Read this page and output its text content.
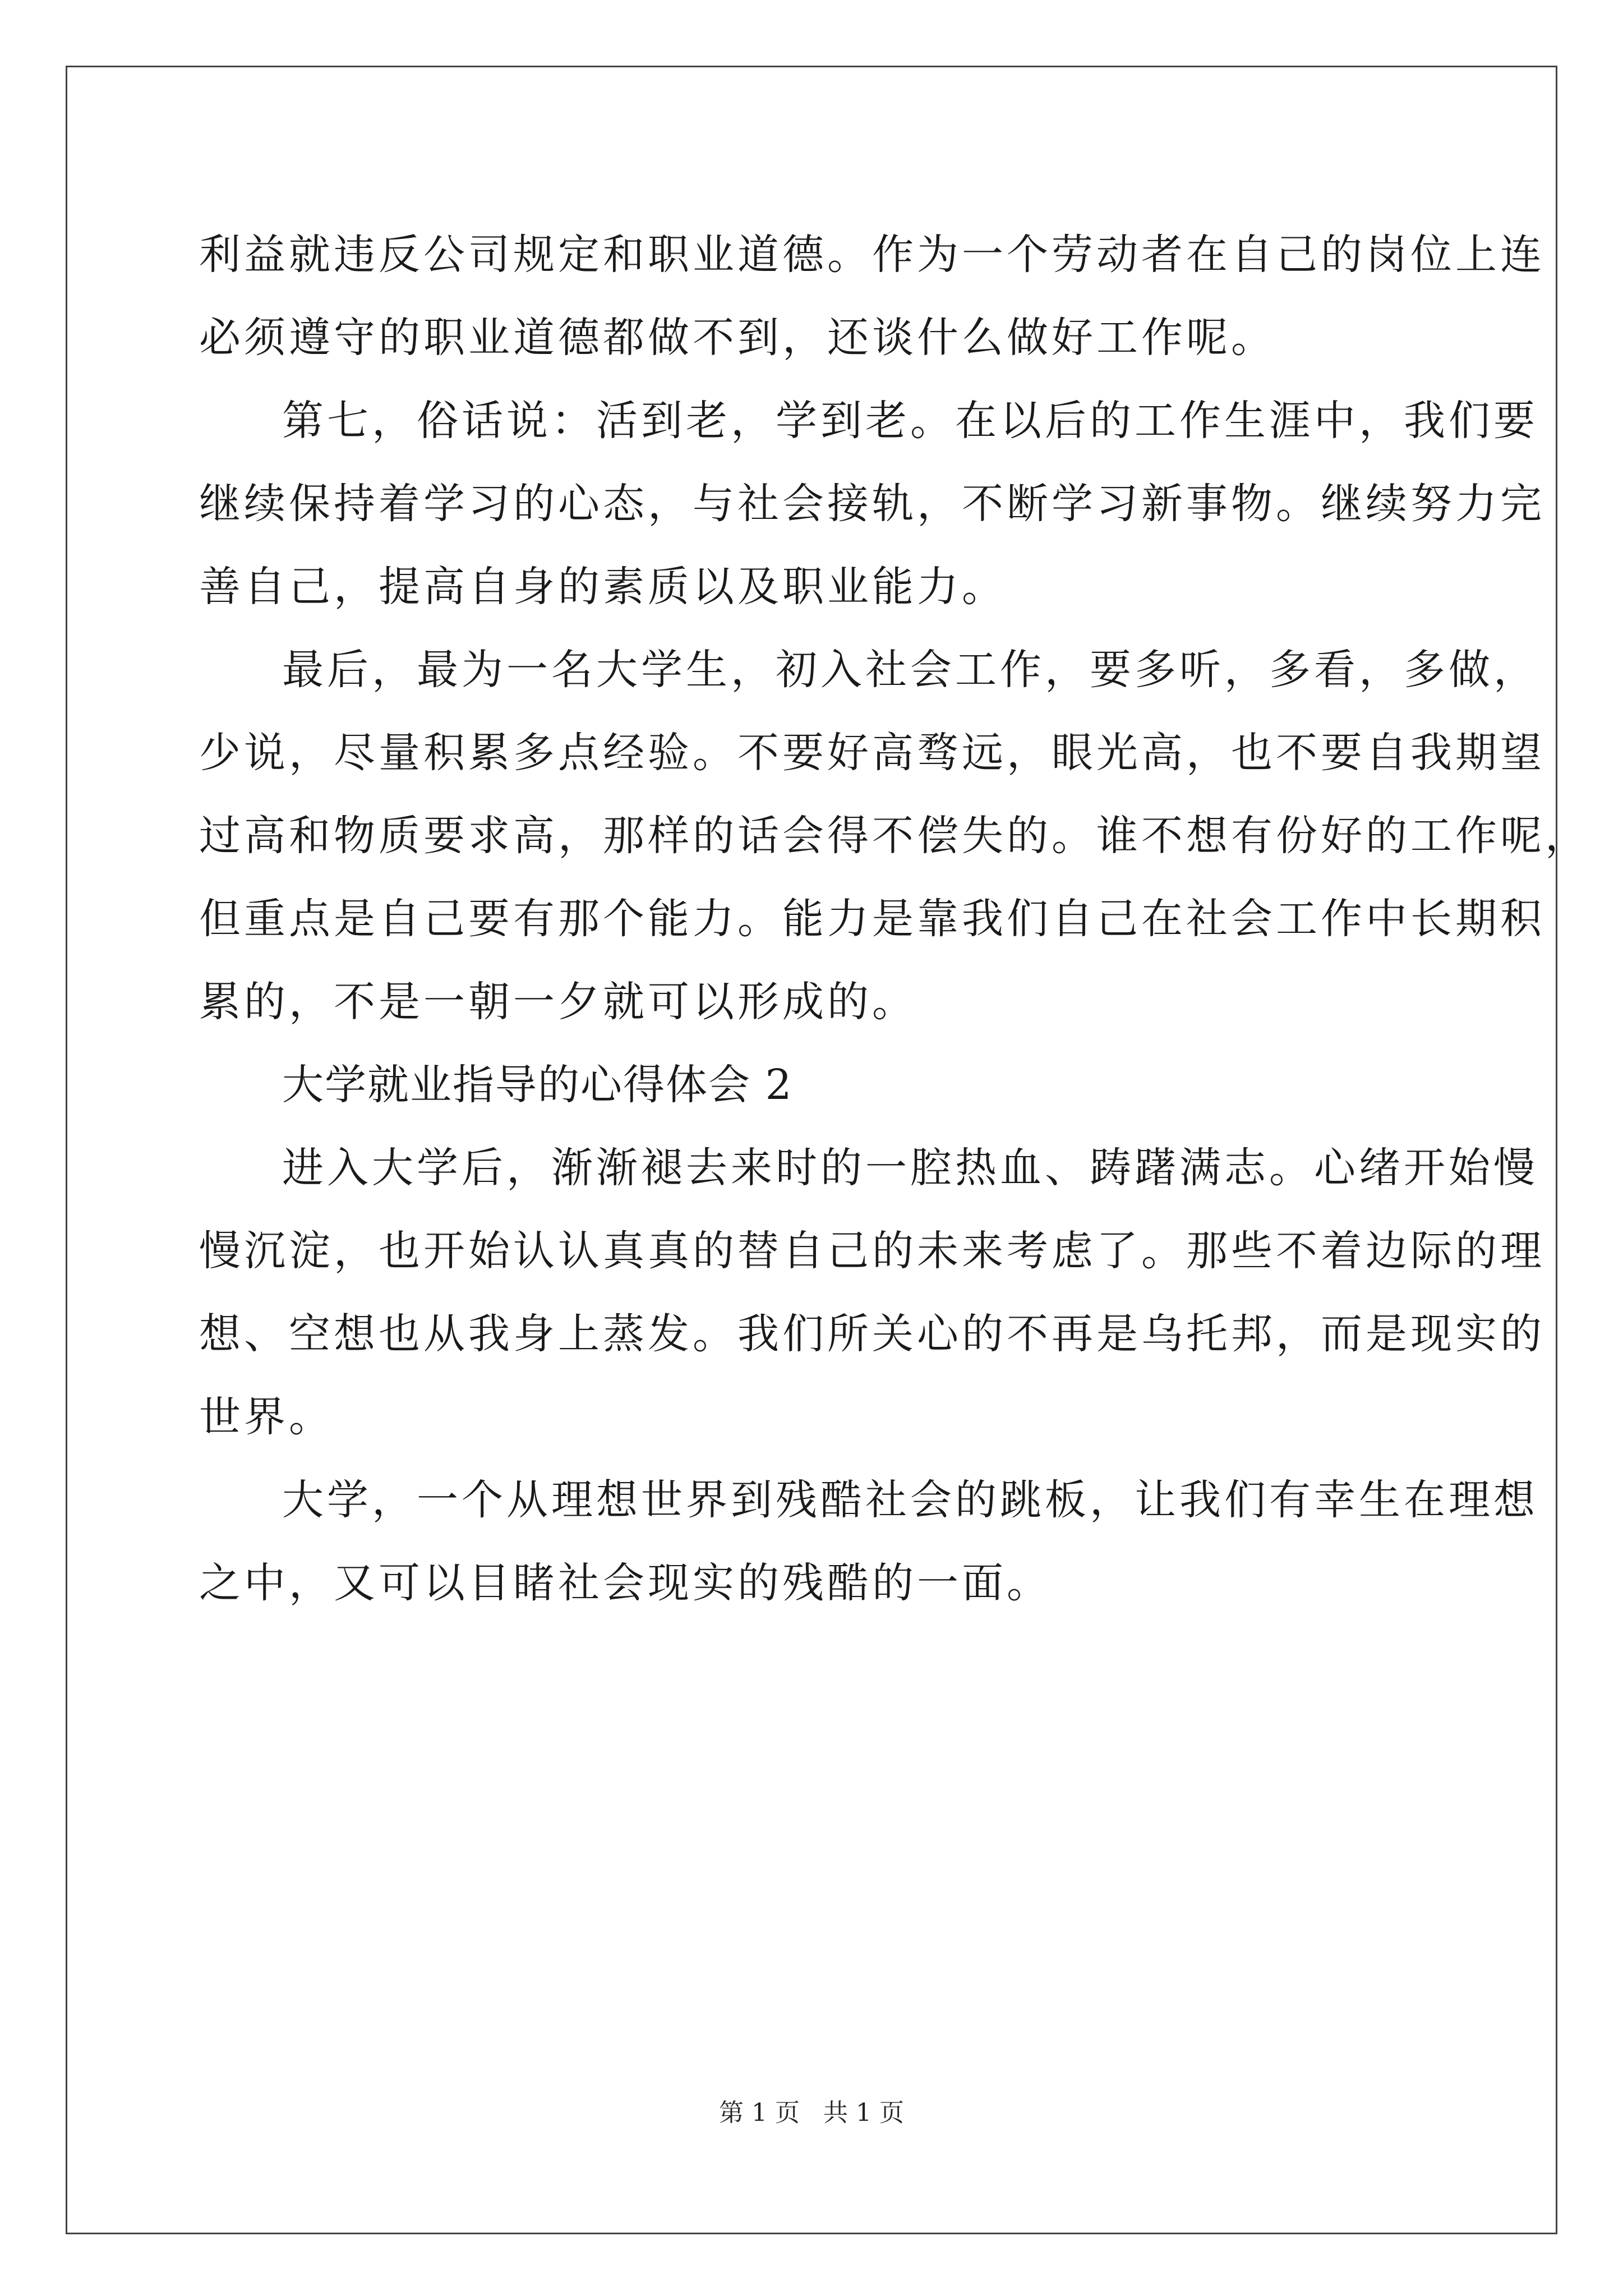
利益就违反公司规定和职业道德。作为一个劳动者在自己的岗位上连
必须遵守的职业道德都做不到，还谈什么做好工作呢。
第七，俗话说：活到老，学到老。在以后的工作生涯中，我们要
继续保持着学习的心态，与社会接轨，不断学习新事物。继续努力完
善自己，提高自身的素质以及职业能力。
最后，最为一名大学生，初入社会工作，要多听，多看，多做，
少说，尽量积累多点经验。不要好高骛远，眼光高，也不要自我期望
过高和物质要求高，那样的话会得不偿失的。谁不想有份好的工作呢，
但重点是自己要有那个能力。能力是靠我们自己在社会工作中长期积
累的，不是一朝一夕就可以形成的。
大学就业指导的心得体会 2
进入大学后，渐渐褪去来时的一腔热血、踌躇满志。心绪开始慢
慢沉淀，也开始认认真真的替自己的未来考虑了。那些不着边际的理
想、空想也从我身上蒸发。我们所关心的不再是乌托邦，而是现实的
世界。
大学，一个从理想世界到残酷社会的跳板，让我们有幸生在理想
之中，又可以目睹社会现实的残酷的一面。
第 1 页   共 1 页
